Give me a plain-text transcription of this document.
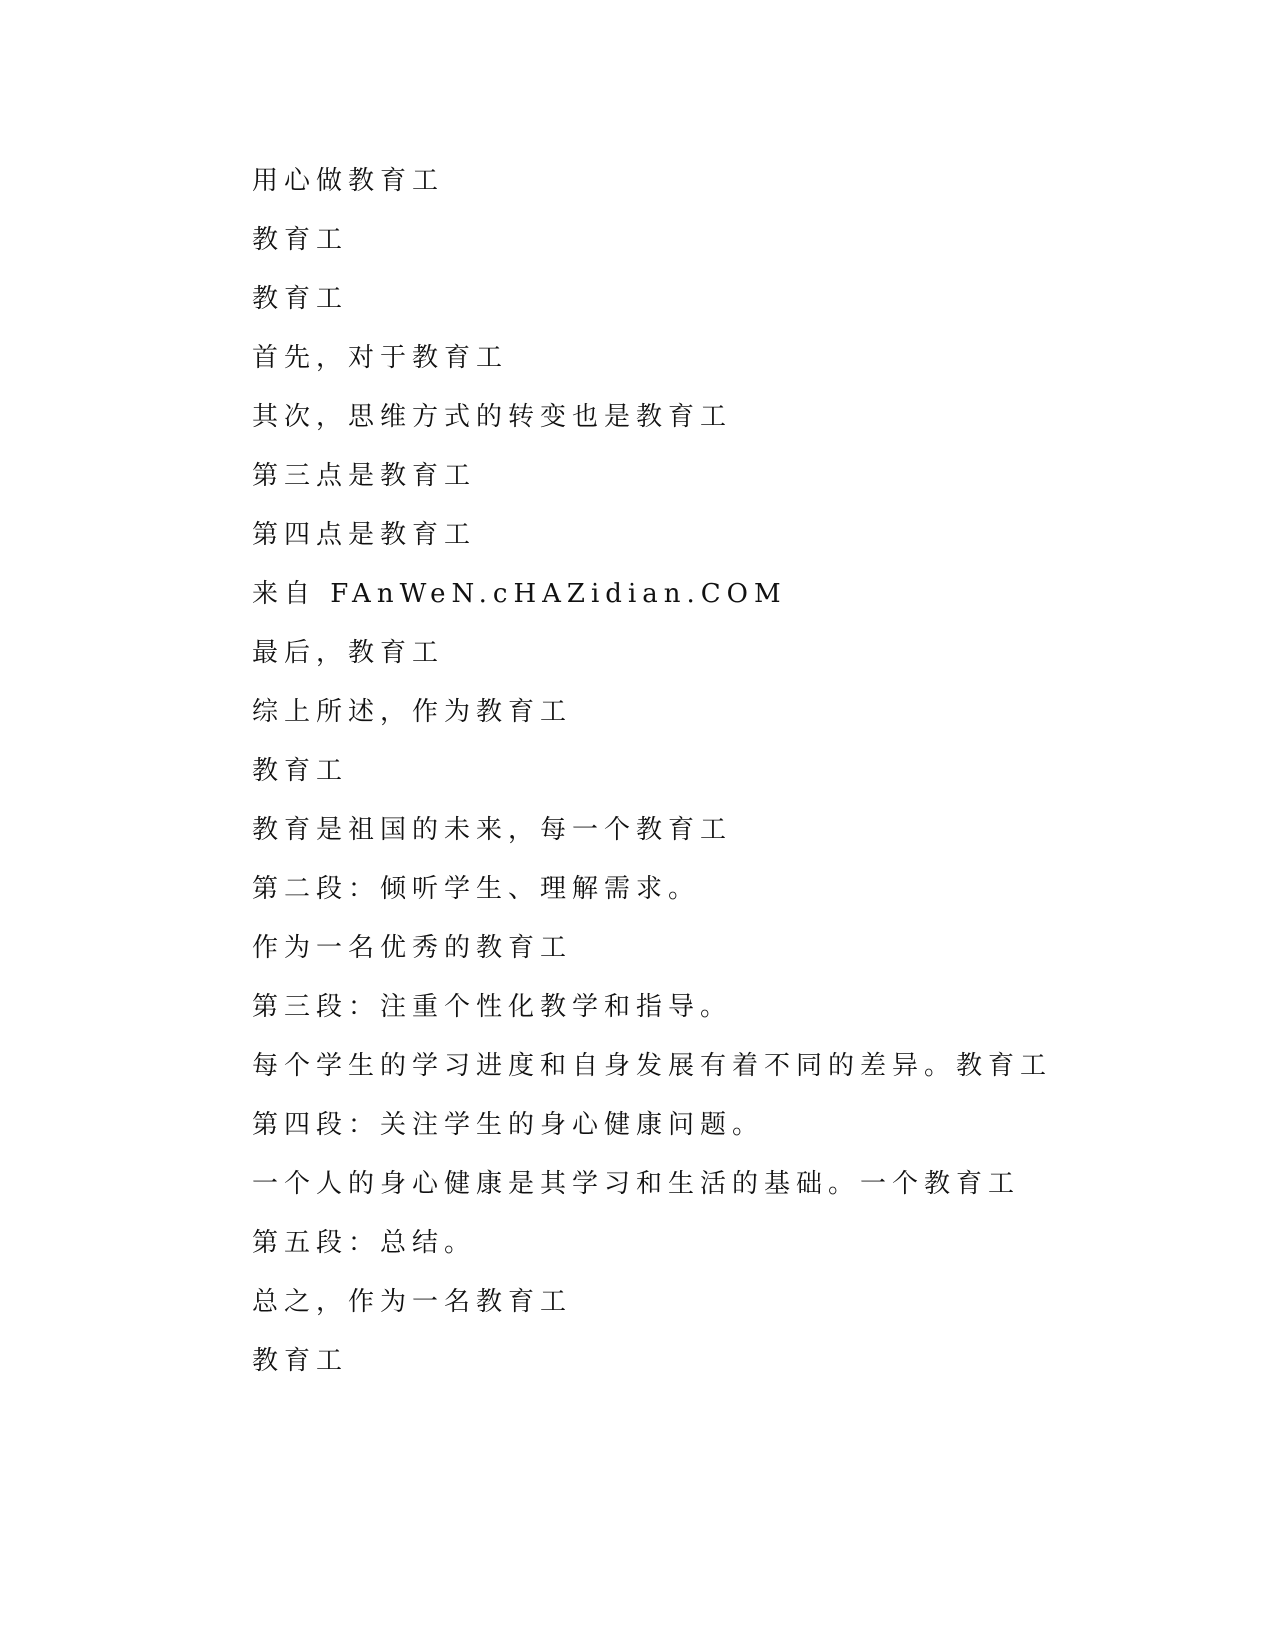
用心做教育工
教育工
教育工
首先，对于教育工
其次，思维方式的转变也是教育工
第三点是教育工
第四点是教育工
来自 FAnWeN.cHAZidian.COM
最后，教育工
综上所述，作为教育工
教育工
教育是祖国的未来，每一个教育工
第二段：倾听学生、理解需求。
作为一名优秀的教育工
第三段：注重个性化教学和指导。
每个学生的学习进度和自身发展有着不同的差异。教育工
第四段：关注学生的身心健康问题。
一个人的身心健康是其学习和生活的基础。一个教育工
第五段：总结。
总之，作为一名教育工
教育工
